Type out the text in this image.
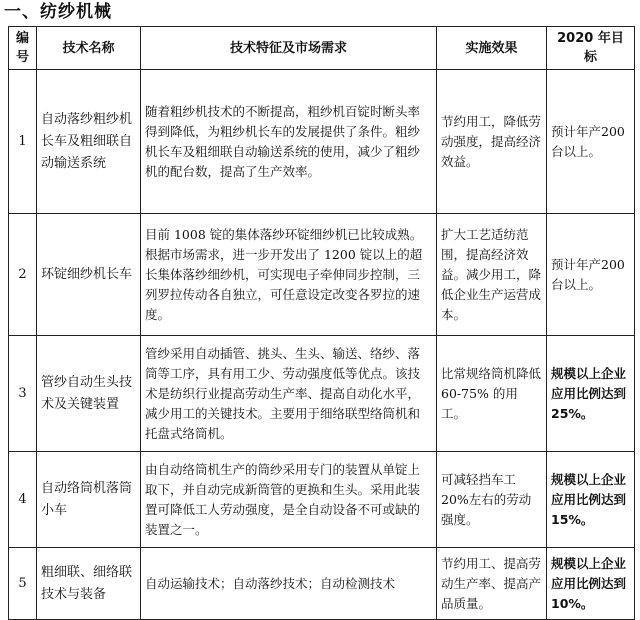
一、纺纱机械
编号	技术名称	技术特征及市场需求	实施效果	2020 年目标
1	自动落纱粗纱机长车及粗细联自动输送系统	随着粗纱机技术的不断提高，粗纱机百锭时断头率得到降低，为粗纱机长车的发展提供了条件。粗纱机长车及粗细联自动输送系统的使用，减少了粗纱机的配台数，提高了生产效率。	节约用工，降低劳动强度，提高经济效益。	预计年产200 台以上。
2	环锭细纱机长车	目前 1008 锭的集体落纱环锭细纱机已比较成熟。根据市场需求，进一步开发出了 1200 锭以上的超长集体落纱细纱机，可实现电子牵伸同步控制，三列罗拉传动各自独立，可任意设定改变各罗拉的速度。	扩大工艺适纺范围，提高经济效益。减少用工，降低企业生产运营成本。	预计年产200 台以上。
3	管纱自动生头技术及关键装置	管纱采用自动插管、挑头、生头、输送、络纱、落筒等工序，具有用工少、劳动强度低等优点。该技术是纺织行业提高劳动生产率、提高自动化水平，减少用工的关键技术。主要用于细络联型络筒机和托盘式络筒机。	比常规络筒机降低 60-75% 的用工。	规模以上企业应用比例达到 25%。
4	自动络筒机落筒小车	由自动络筒机生产的筒纱采用专门的装置从单锭上取下，并自动完成新筒管的更换和生头。采用此装置可降低工人劳动强度，是全自动设备不可或缺的装置之一。	可减轻挡车工20%左右的劳动强度。	规模以上企业应用比例达到 15%。
5	粗细联、细络联技术与装备	自动运输技术；自动落纱技术；自动检测技术	节约用工、提高劳动生产率、提高产品质量。	规模以上企业应用比例达到 10%。
